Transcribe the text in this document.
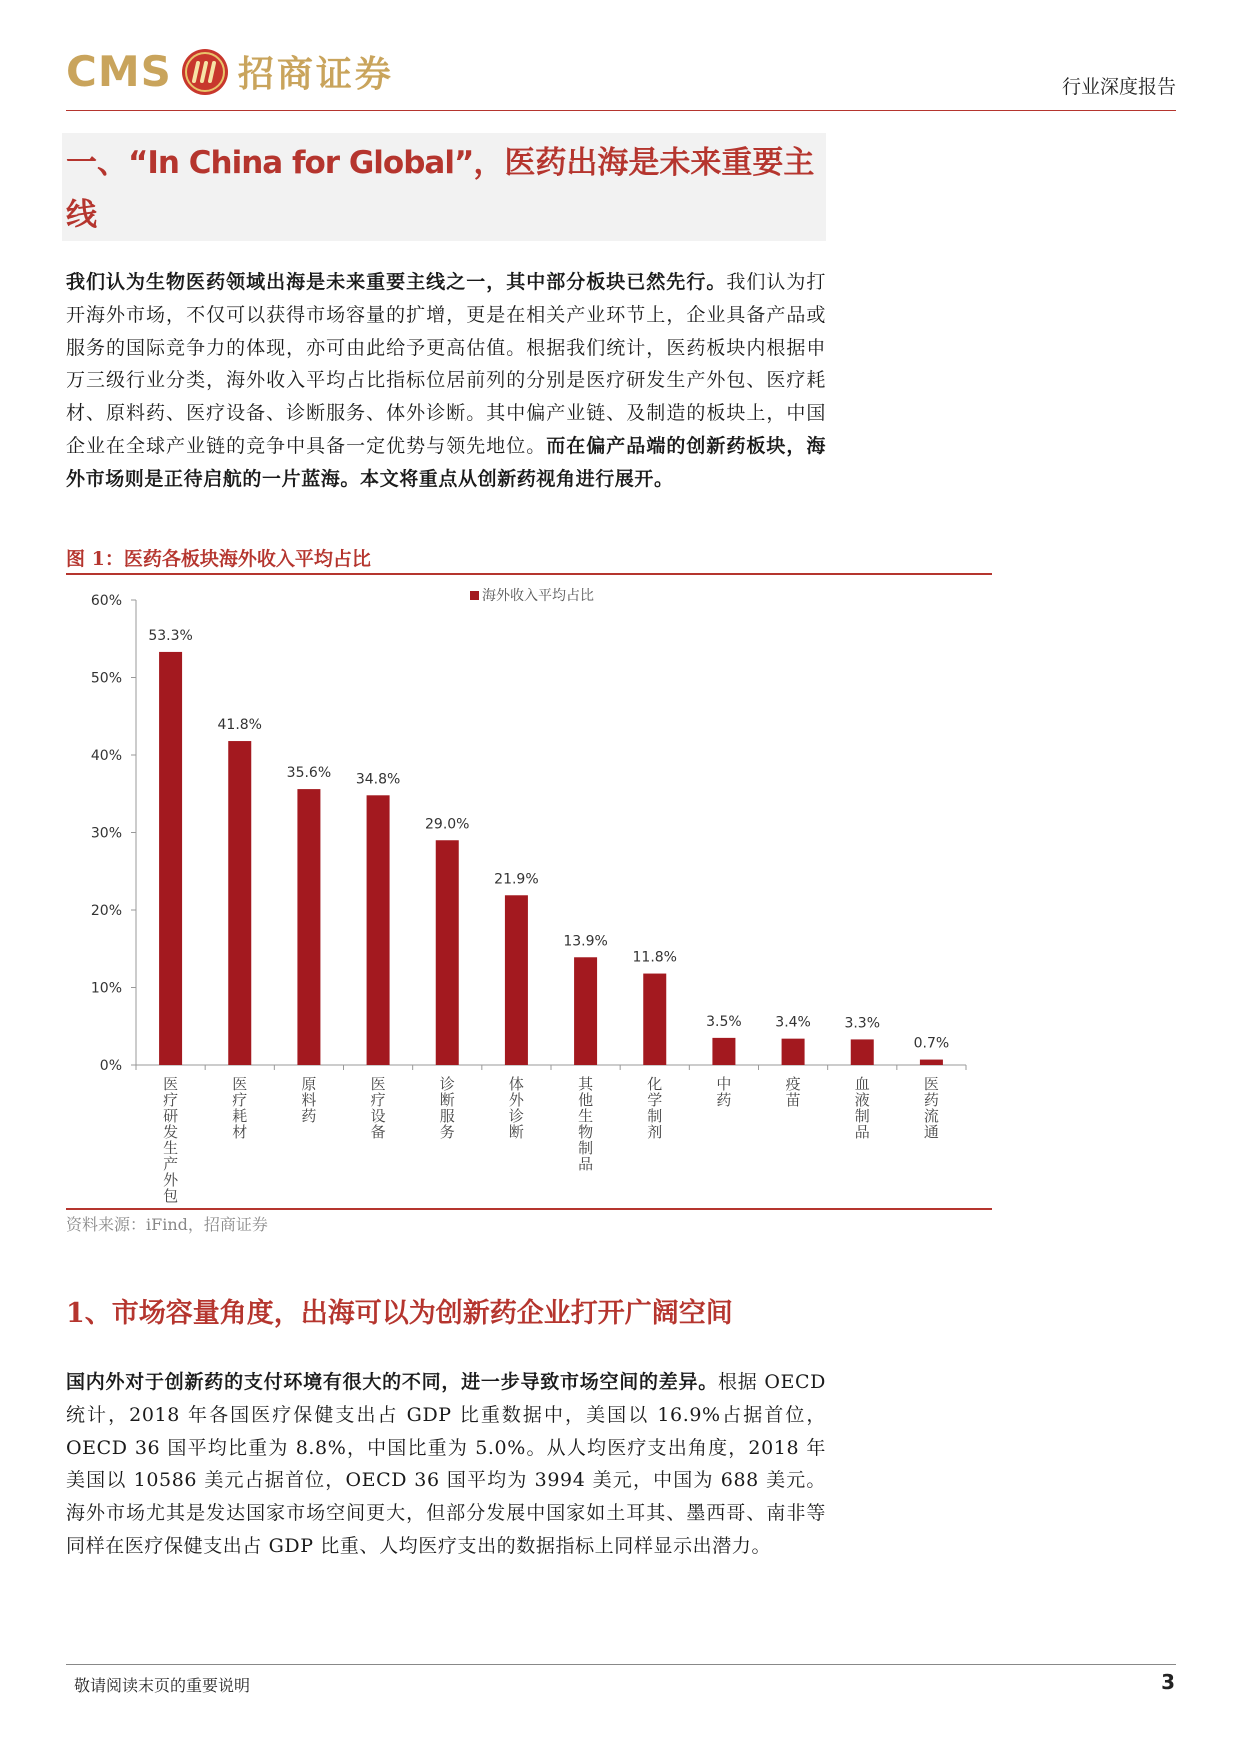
CMS 招商证券	行业深度报告
一、“In China for Global”，医药出海是未来重要主线
我们认为生物医药领域出海是未来重要主线之一，其中部分板块已然先行。我们认为打开海外市场，不仅可以获得市场容量的扩增，更是在相关产业环节上，企业具备产品或服务的国际竞争力的体现，亦可由此给予更高估值。根据我们统计，医药板块内根据申万三级行业分类，海外收入平均占比指标位居前列的分别是医疗研发生产外包、医疗耗材、原料药、医疗设备、诊断服务、体外诊断。其中偏产业链、及制造的板块上，中国企业在全球产业链的竞争中具备一定优势与领先地位。而在偏产品端的创新药板块，海外市场则是正待启航的一片蓝海。本文将重点从创新药视角进行展开。
图 1：医药各板块海外收入平均占比
0%
10%
20%
30%
40%
50%
60%	海外收入平均占比
53.3%
医疗研发生产外包
41.8%
医疗耗材
35.6%
原料药
34.8%
医疗设备
29.0%
诊断服务
21.9%
体外诊断
13.9%
其他生物制品
11.8%
化学制剂
3.5%
中药
3.4%
疫苗
3.3%
血液制品
0.7%
医药流通
资料来源：iFind，招商证券
1、市场容量角度，出海可以为创新药企业打开广阔空间
国内外对于创新药的支付环境有很大的不同，进一步导致市场空间的差异。根据 OECD 统计，2018 年各国医疗保健支出占 GDP 比重数据中，美国以 16.9%占据首位，OECD 36 国平均比重为 8.8%，中国比重为 5.0%。从人均医疗支出角度，2018 年美国以 10586 美元占据首位，OECD 36 国平均为 3994 美元，中国为 688 美元。海外市场尤其是发达国家市场空间更大，但部分发展中国家如土耳其、墨西哥、南非等同样在医疗保健支出占 GDP 比重、人均医疗支出的数据指标上同样显示出潜力。
敬请阅读末页的重要说明	3
